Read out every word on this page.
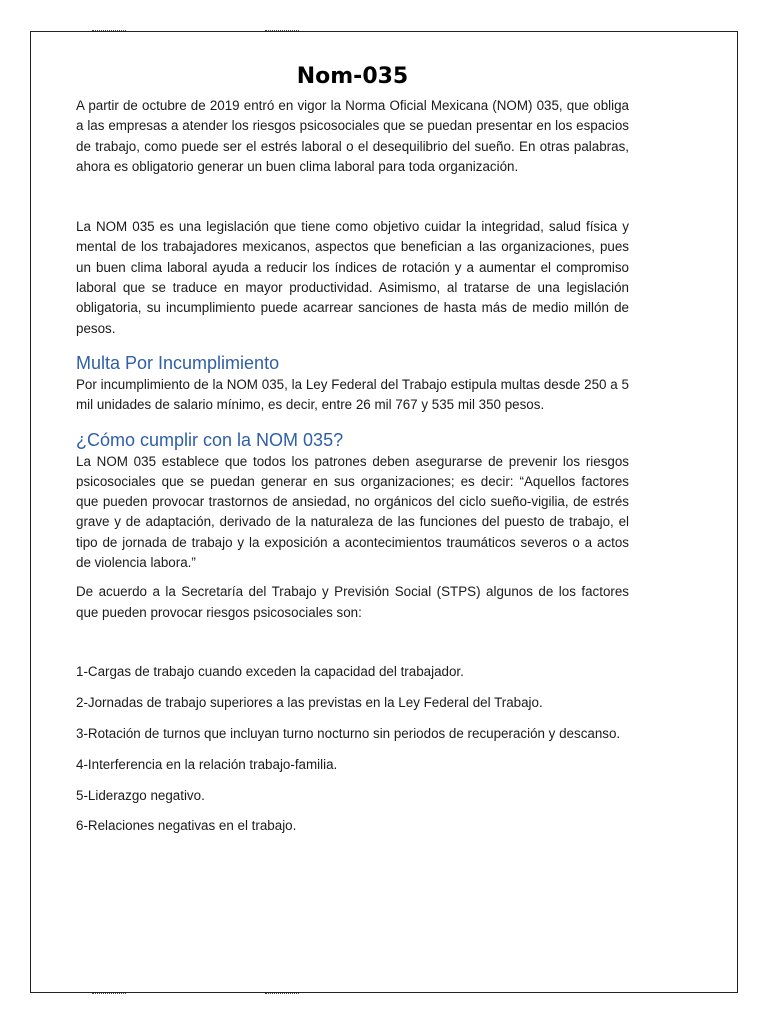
Nom-035

A partir de octubre de 2019 entró en vigor la Norma Oficial Mexicana (NOM) 035, que obliga a las empresas a atender los riesgos psicosociales que se puedan presentar en los espacios de trabajo, como puede ser el estrés laboral o el desequilibrio del sueño. En otras palabras, ahora es obligatorio generar un buen clima laboral para toda organización.

La NOM 035 es una legislación que tiene como objetivo cuidar la integridad, salud física y mental de los trabajadores mexicanos, aspectos que benefician a las organizaciones, pues un buen clima laboral ayuda a reducir los índices de rotación y a aumentar el compromiso laboral que se traduce en mayor productividad. Asimismo, al tratarse de una legislación obligatoria, su incumplimiento puede acarrear sanciones de hasta más de medio millón de pesos.

Multa Por Incumplimiento

Por incumplimiento de la NOM 035, la Ley Federal del Trabajo estipula multas desde 250 a 5 mil unidades de salario mínimo, es decir, entre 26 mil 767 y 535 mil 350 pesos.

¿Cómo cumplir con la NOM 035?

La NOM 035 establece que todos los patrones deben asegurarse de prevenir los riesgos psicosociales que se puedan generar en sus organizaciones; es decir: “Aquellos factores que pueden provocar trastornos de ansiedad, no orgánicos del ciclo sueño-vigilia, de estrés grave y de adaptación, derivado de la naturaleza de las funciones del puesto de trabajo, el tipo de jornada de trabajo y la exposición a acontecimientos traumáticos severos o a actos de violencia labora.”

De acuerdo a la Secretaría del Trabajo y Previsión Social (STPS) algunos de los factores que pueden provocar riesgos psicosociales son:

1-Cargas de trabajo cuando exceden la capacidad del trabajador.

2-Jornadas de trabajo superiores a las previstas en la Ley Federal del Trabajo.

3-Rotación de turnos que incluyan turno nocturno sin periodos de recuperación y descanso.

4-Interferencia en la relación trabajo-familia.

5-Liderazgo negativo.

6-Relaciones negativas en el trabajo.
